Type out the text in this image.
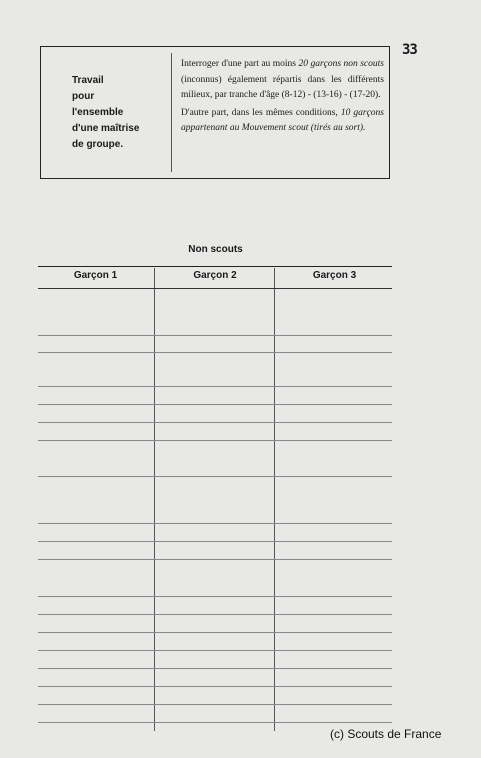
33
Travail
pour
l'ensemble
d'une maîtrise
de groupe.

Interroger d'une part au moins 20 garçons non scouts (inconnus) également répartis dans les différents milieux, par tranche d'âge (8-12) - (13-16) - (17-20).

D'autre part, dans les mêmes conditions, 10 garçons appartenant au Mouvement scout (tirés au sort).

Non scouts
Garçon 1	Garçon 2	Garçon 3
(c) Scouts de France
